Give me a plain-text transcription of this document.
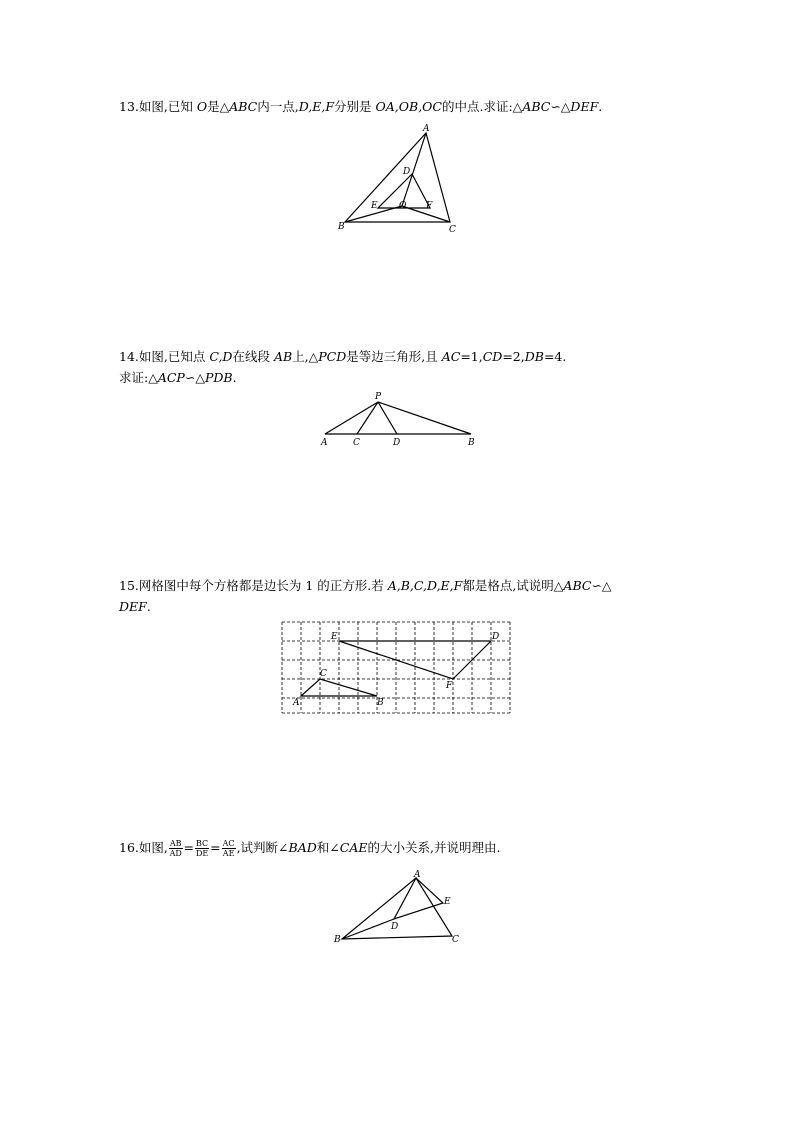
13.如图,已知 O是△ABC内一点,D,E,F分别是 OA,OB,OC的中点.求证:△ABC∽△DEF.
A
B	C
D
E	F
O
14.如图,已知点 C,D在线段 AB上,△PCD是等边三角形,且 AC=1,CD=2,DB=4.
求证:△ACP∽△PDB.
P
A	C	D	B
15.网格图中每个方格都是边长为 1 的正方形.若 A,B,C,D,E,F都是格点,试说明△ABC∽△
DEF.
E	D
F
C
A	B
16.如图, $\frac{AB}{AD} = \frac{BC}{DE} = \frac{AC}{AE}$ ,试判断∠BAD和∠CAE的大小关系,并说明理由.
A
B	C
D
E
